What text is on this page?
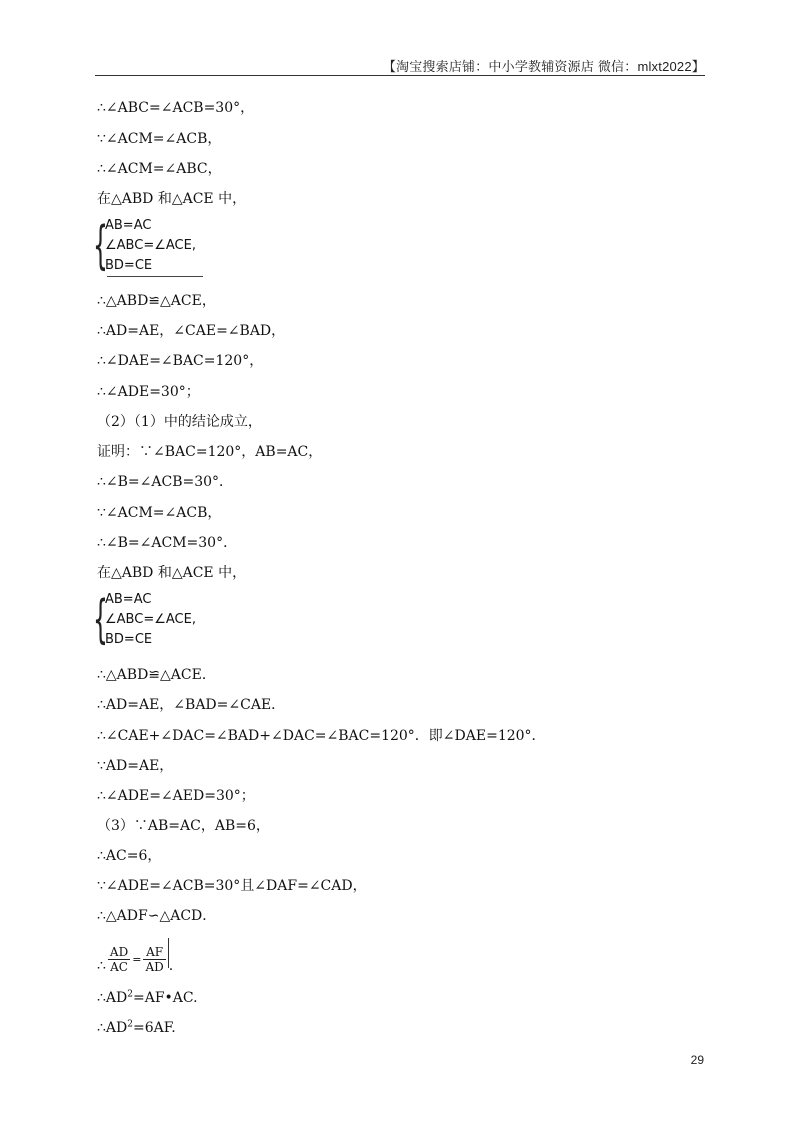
【淘宝搜索店铺：中小学教辅资源店 微信：mlxt2022】
∴∠ABC=∠ACB=30°，
∵∠ACM=∠ACB，
∴∠ACM=∠ABC，
在△ABD 和△ACE 中，
{
AB=AC
∠ABC=∠ACE,
BD=CE
∴△ABD≌△ACE，
∴AD=AE，∠CAE=∠BAD，
∴∠DAE=∠BAC=120°，
∴∠ADE=30°；
（2）（1）中的结论成立，
证明：∵∠BAC=120°，AB=AC，
∴∠B=∠ACB=30°．
∵∠ACM=∠ACB，
∴∠B=∠ACM=30°．
在△ABD 和△ACE 中，
{
AB=AC
∠ABC=∠ACE,
BD=CE
∴△ABD≌△ACE．
∴AD=AE，∠BAD=∠CAE．
∴∠CAE+∠DAC=∠BAD+∠DAC=∠BAC=120°．即∠DAE=120°．
∵AD=AE，
∴∠ADE=∠AED=30°；
（3）∵AB=AC，AB=6，
∴AC=6，
∵∠ADE=∠ACB=30°且∠DAF=∠CAD，
∴△ADF∽△ACD．
∴ $\frac{AD}{AC} = \frac{AF}{AD}$ .
$\therefore AD^2=AF•AC$.
$\therefore AD^2=6AF$.
29
